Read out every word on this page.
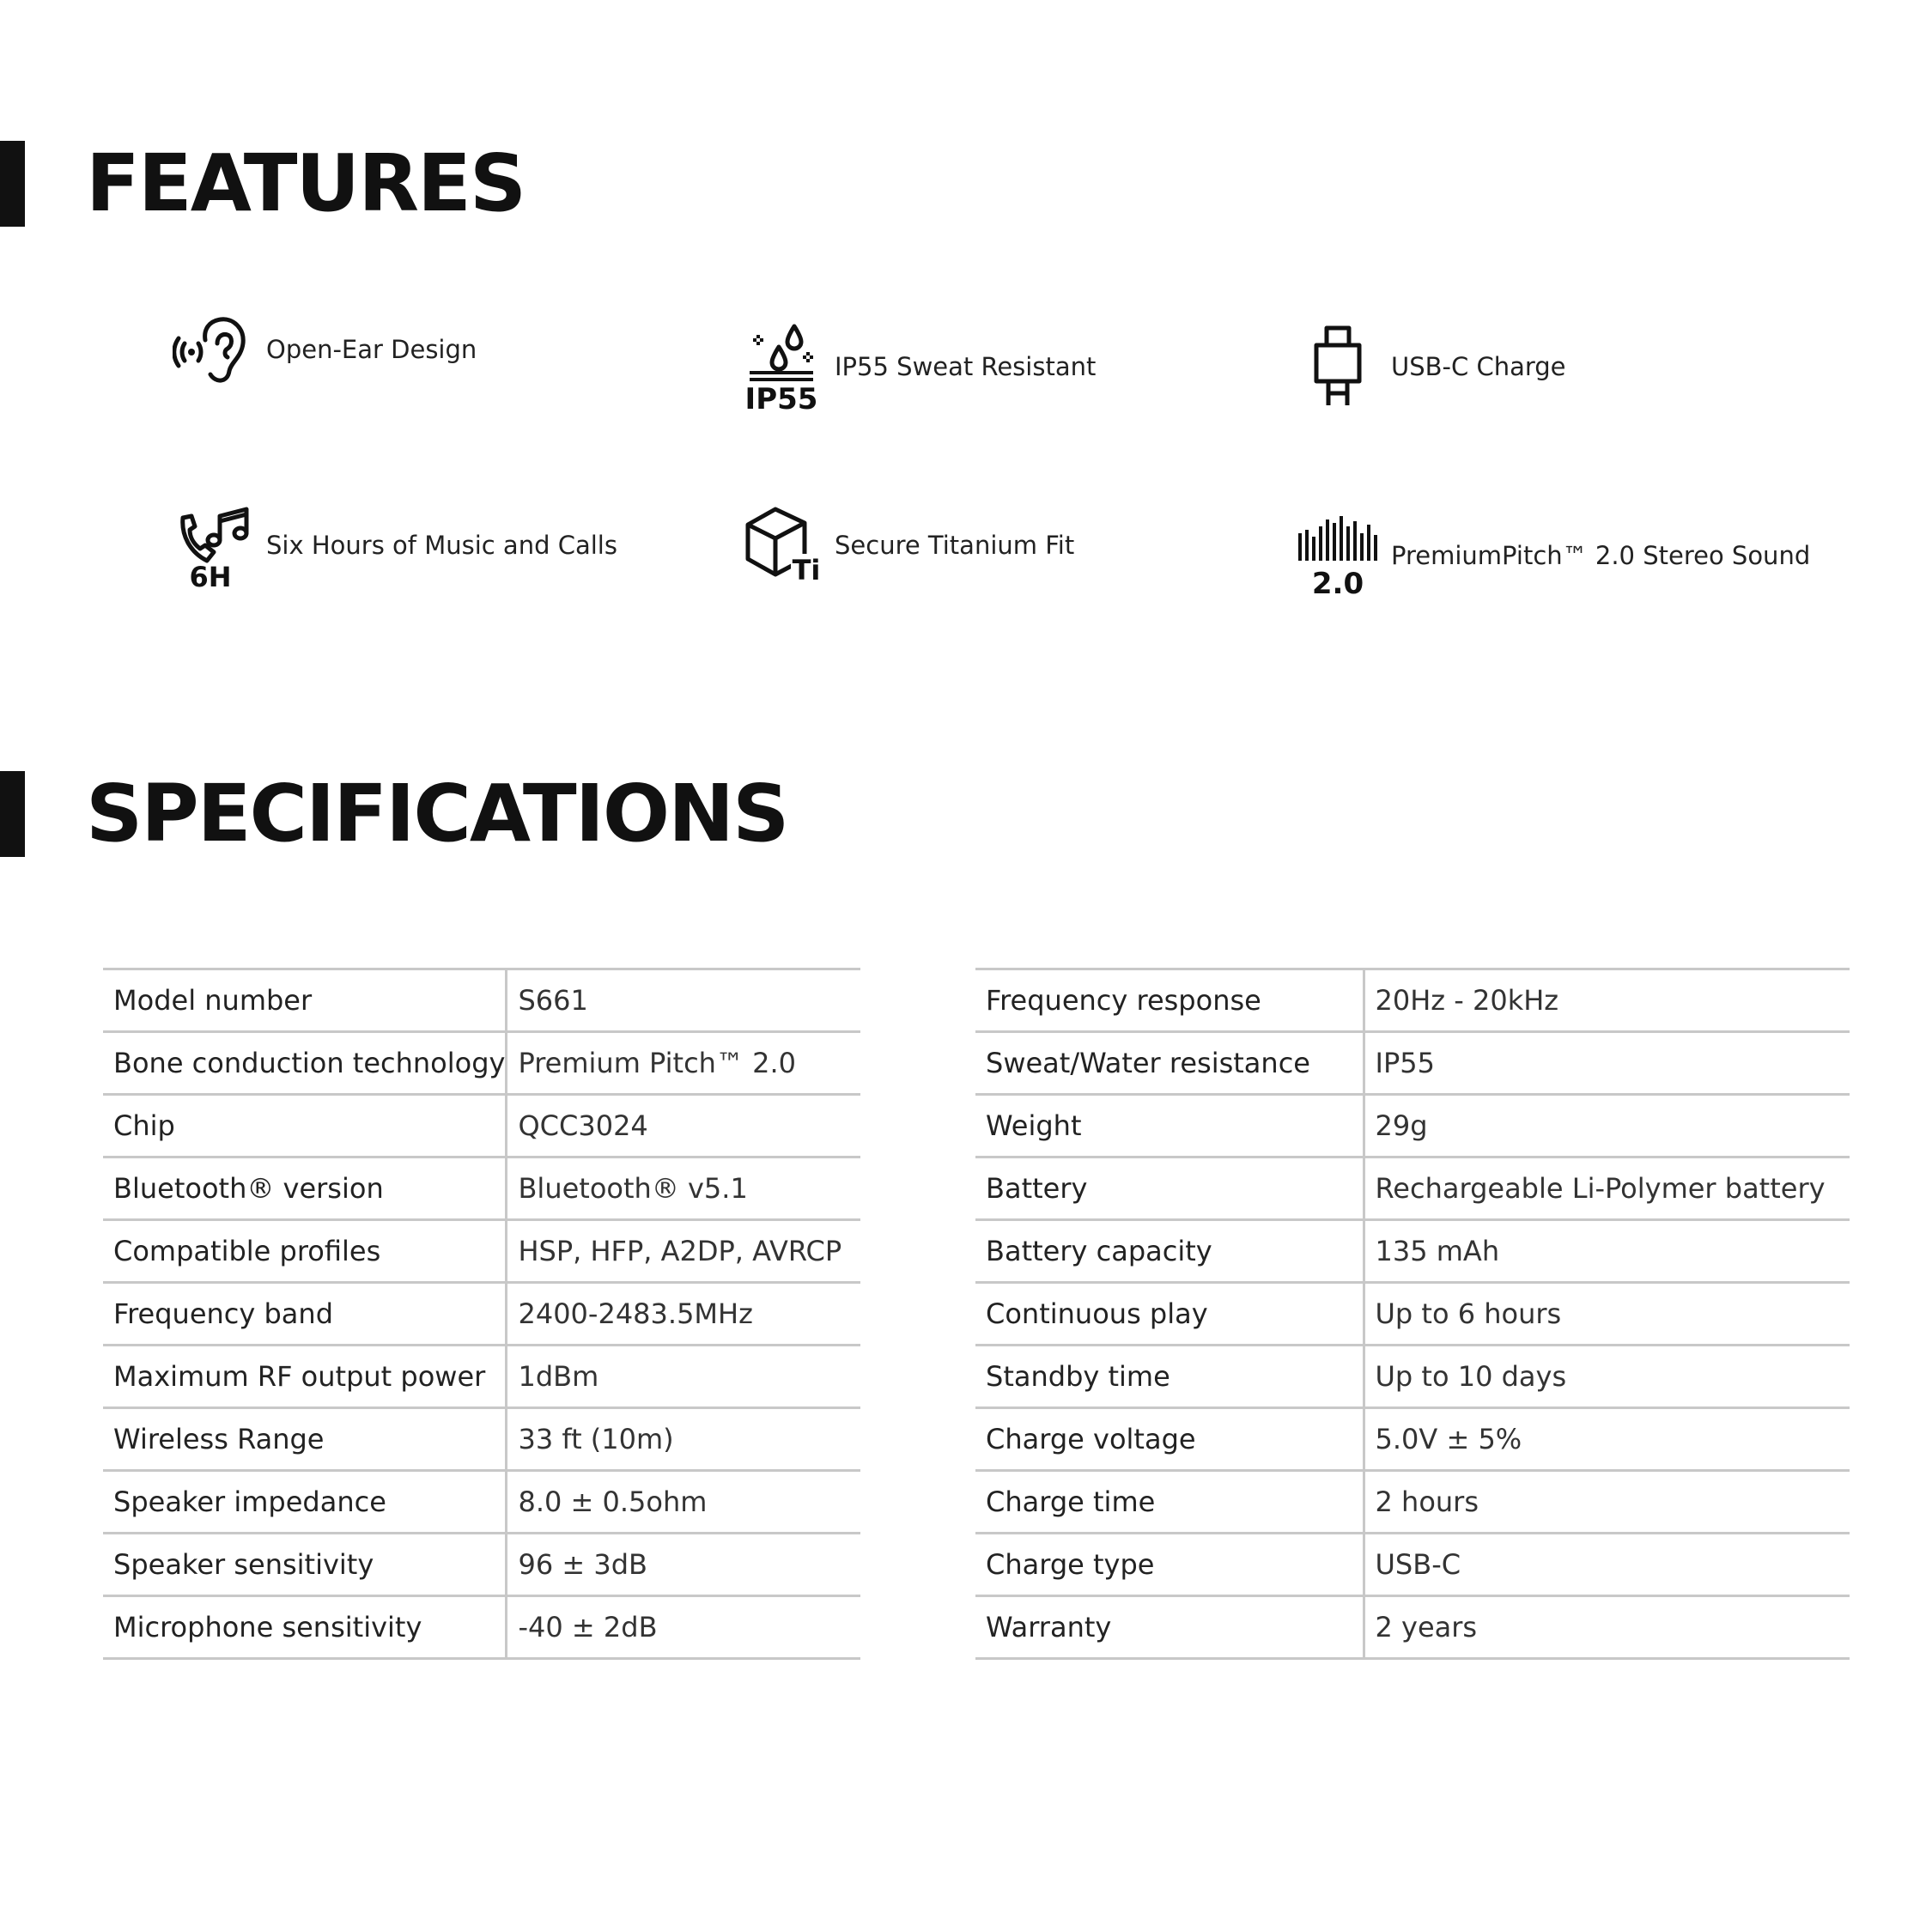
FEATURES
Open-Ear Design
IP55
IP55 Sweat Resistant	USB-C Charge
6H
Six Hours of Music and Calls
Ti
Secure Titanium Fit
2.0
PremiumPitch™ 2.0 Stereo Sound
SPECIFICATIONS
Model number	S661
Bone conduction technology	Premium Pitch™ 2.0
Chip	QCC3024
Bluetooth® version	Bluetooth® v5.1
Compatible profiles	HSP, HFP, A2DP, AVRCP
Frequency band	2400-2483.5MHz
Maximum RF output power	1dBm
Wireless Range	33 ft (10m)
Speaker impedance	8.0 ± 0.5ohm
Speaker sensitivity	96 ± 3dB
Microphone sensitivity	-40 ± 2dB
Frequency response	20Hz - 20kHz
Sweat/Water resistance	IP55
Weight	29g
Battery	Rechargeable Li-Polymer battery
Battery capacity	135 mAh
Continuous play	Up to 6 hours
Standby time	Up to 10 days
Charge voltage	5.0V ± 5%
Charge time	2 hours
Charge type	USB-C
Warranty	2 years
